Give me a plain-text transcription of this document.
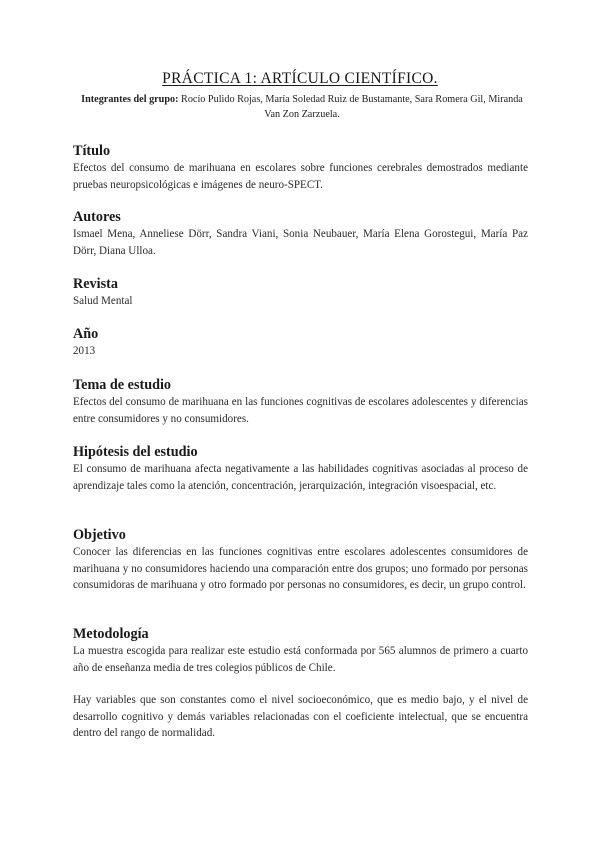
PRÁCTICA 1: ARTÍCULO CIENTÍFICO.
Integrantes del grupo: Rocío Pulido Rojas, María Soledad Ruiz de Bustamante, Sara Romera Gil, Miranda Van Zon Zarzuela.
Título

Efectos del consumo de marihuana en escolares sobre funciones cerebrales demostrados mediante pruebas neuropsicológicas e imágenes de neuro-SPECT.

Autores

Ismael Mena, Anneliese Dörr, Sandra Viani, Sonia Neubauer, María Elena Gorostegui, María Paz Dörr, Diana Ulloa.

Revista

Salud Mental

Año

2013

Tema de estudio

Efectos del consumo de marihuana en las funciones cognitivas de escolares adolescentes y diferencias entre consumidores y no consumidores.

Hipótesis del estudio

El consumo de marihuana afecta negativamente a las habilidades cognitivas asociadas al proceso de aprendizaje tales como la atención, concentración, jerarquización, integración visoespacial, etc.

Objetivo

Conocer las diferencias en las funciones cognitivas entre escolares adolescentes consumidores de marihuana y no consumidores haciendo una comparación entre dos grupos; uno formado por personas consumidoras de marihuana y otro formado por personas no consumidores, es decir, un grupo control.

Metodología

La muestra escogida para realizar este estudio está conformada por 565 alumnos de primero a cuarto año de enseñanza media de tres colegios públicos de Chile.

Hay variables que son constantes como el nivel socioeconómico, que es medio bajo, y el nivel de desarrollo cognitivo y demás variables relacionadas con el coeficiente intelectual, que se encuentra dentro del rango de normalidad.
